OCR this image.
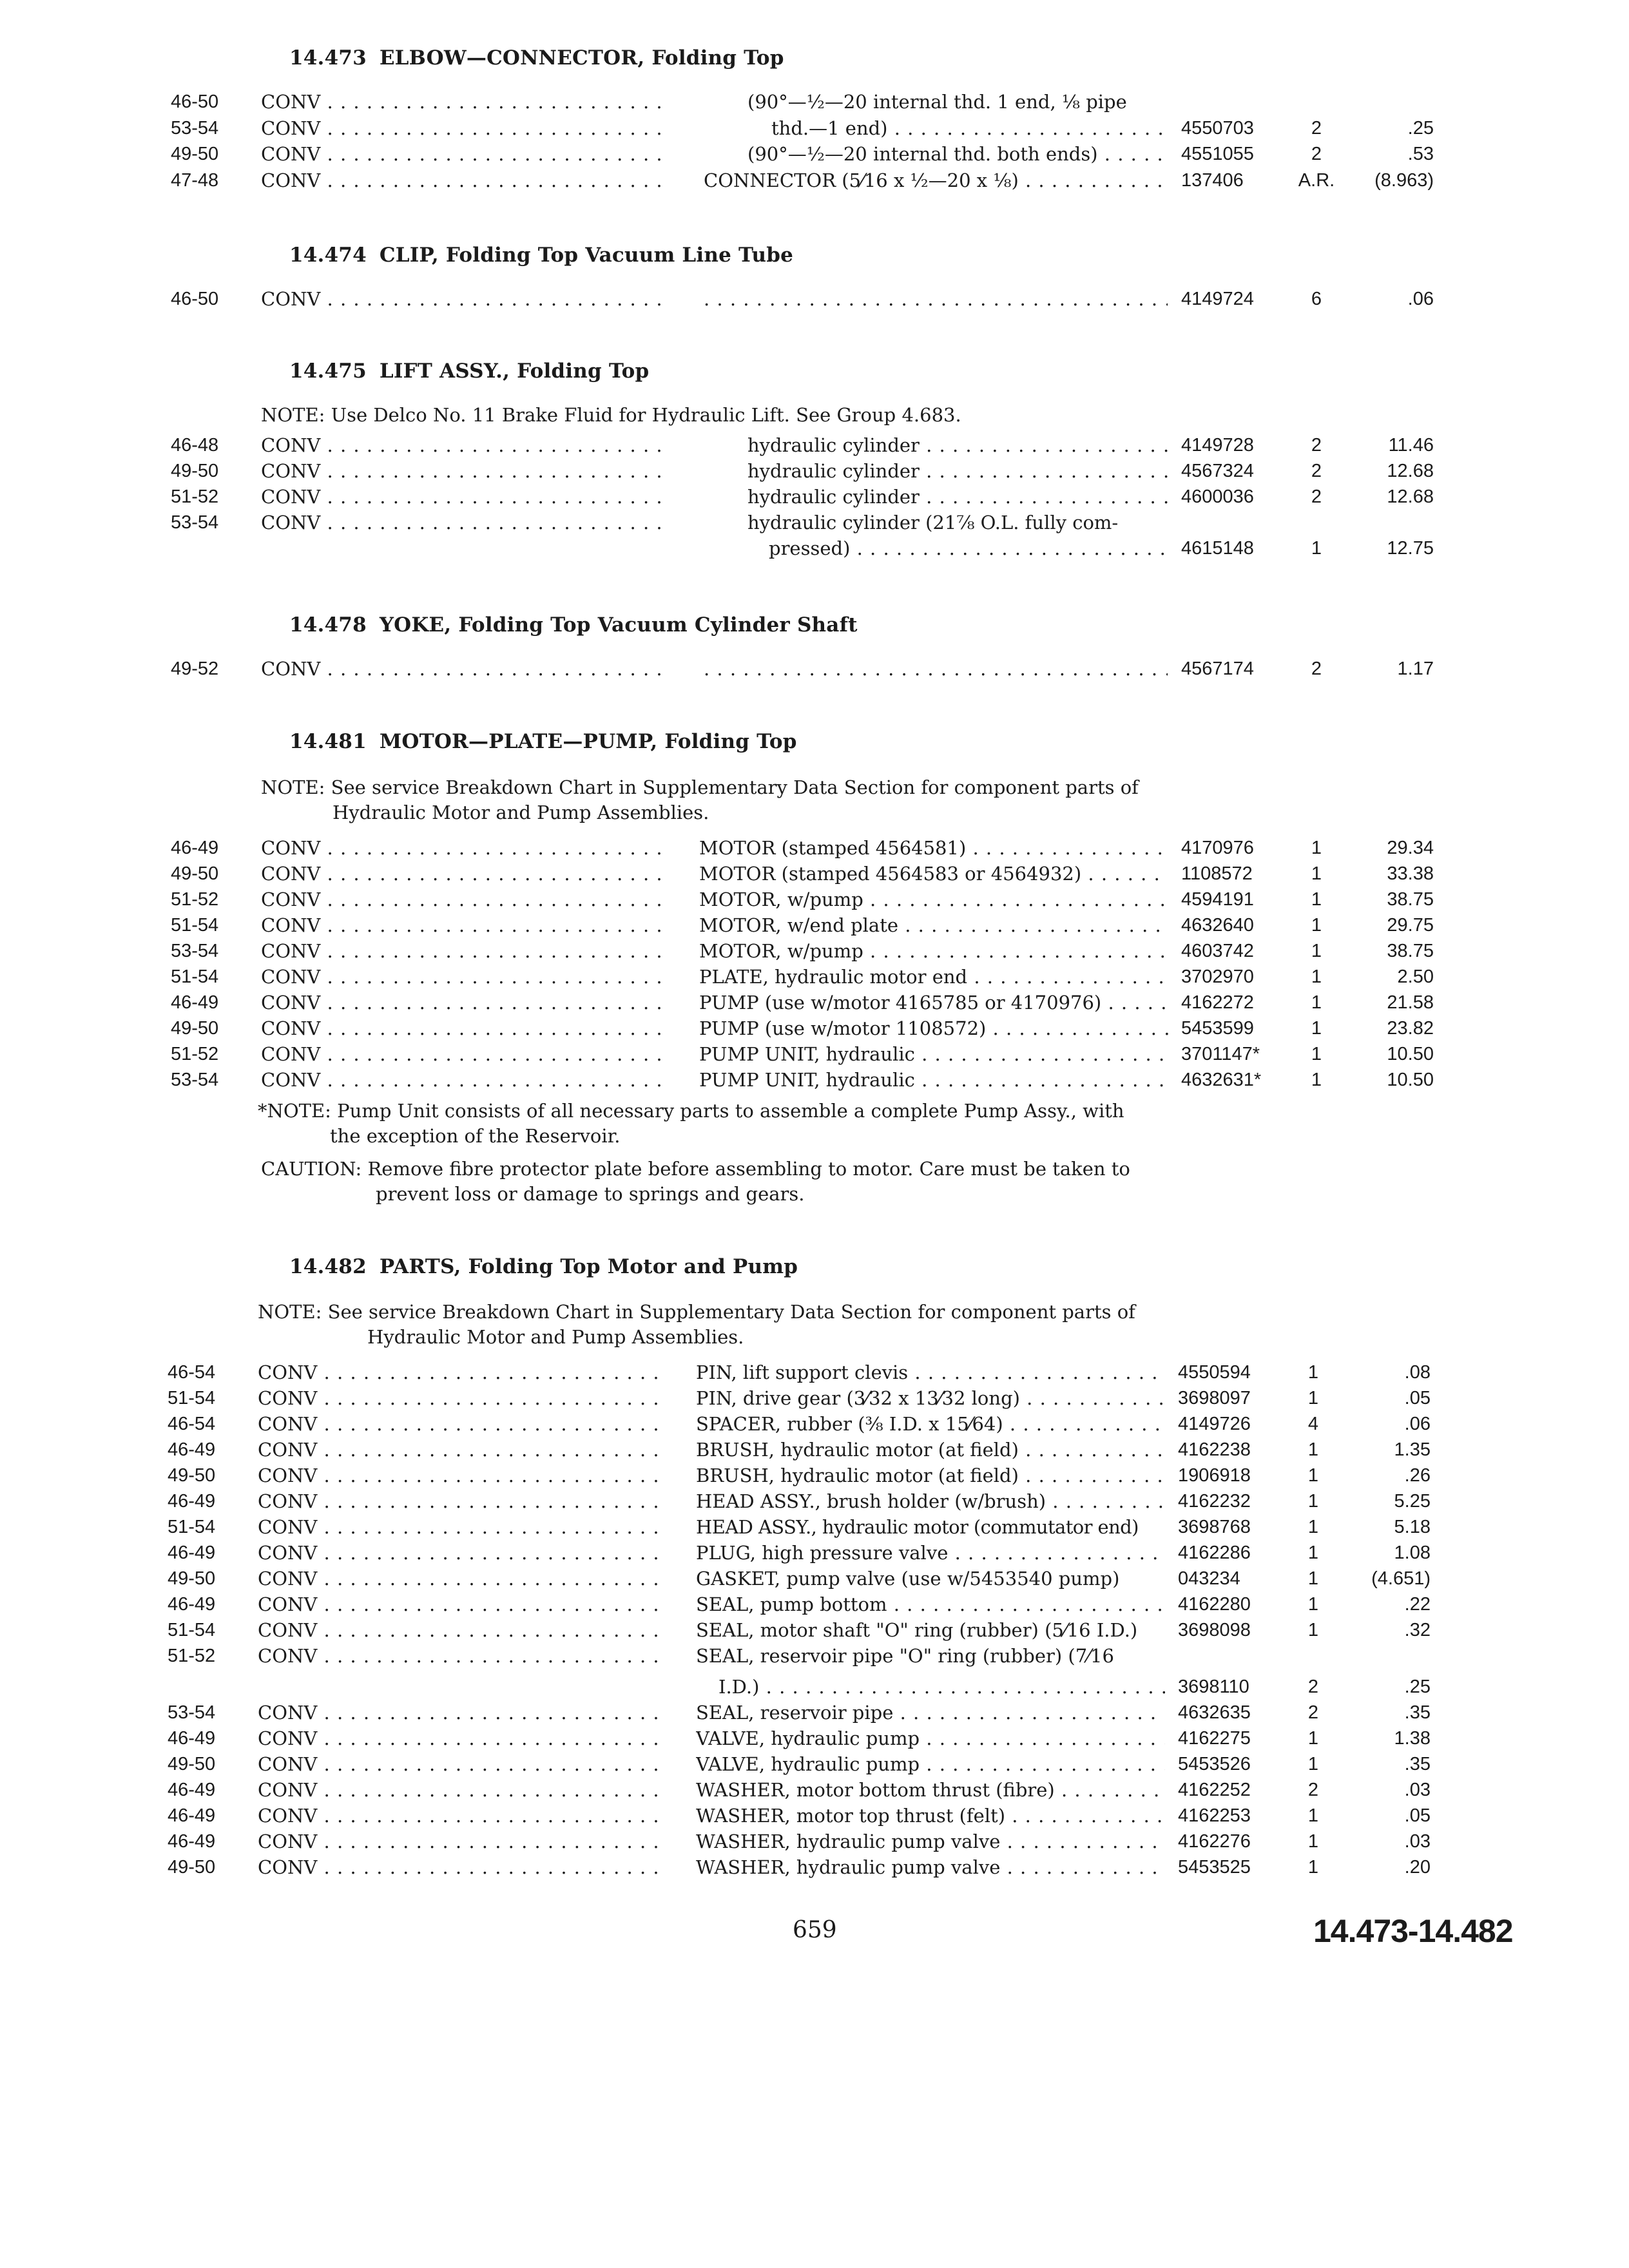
14.473 ELBOW—CONNECTOR, Folding Top
46-50 CONV . . .	(90°—½—20 internal thd. 1 end, ⅛ pipe
53-54 CONV . . .	thd.—1 end) . . .	4550703	2	.25
49-50 CONV . . .	(90°—½—20 internal thd. both ends) . . .	4551055	2	.53
47-48 CONV . . .	CONNECTOR (5⁄16 x ½—20 x ⅛) . . .	137406	A.R.	(8.963)
14.474 CLIP, Folding Top Vacuum Line Tube
46-50 CONV . . . . . .	4149724	6	.06
14.475 LIFT ASSY., Folding Top
NOTE: Use Delco No. 11 Brake Fluid for Hydraulic Lift. See Group 4.683.
46-48 CONV . . .	hydraulic cylinder . . .	4149728	2	11.46
49-50 CONV . . .	hydraulic cylinder . . .	4567324	2	12.68
51-52 CONV . . .	hydraulic cylinder . . .	4600036	2	12.68
53-54 CONV . . .	hydraulic cylinder (21⅞ O.L. fully com-
pressed) . . .	4615148	1	12.75
14.478 YOKE, Folding Top Vacuum Cylinder Shaft
49-52 CONV . . . . . .	4567174	2	1.17
14.481 MOTOR—PLATE—PUMP, Folding Top
NOTE: See service Breakdown Chart in Supplementary Data Section for component parts of
Hydraulic Motor and Pump Assemblies.
46-49 CONV . . .	MOTOR (stamped 4564581) . . .	4170976	1	29.34
49-50 CONV . . .	MOTOR (stamped 4564583 or 4564932) . . .	1108572	1	33.38
51-52 CONV . . .	MOTOR, w/pump . . .	4594191	1	38.75
51-54 CONV . . .	MOTOR, w/end plate . . .	4632640	1	29.75
53-54 CONV . . .	MOTOR, w/pump . . .	4603742	1	38.75
51-54 CONV . . .	PLATE, hydraulic motor end . . .	3702970	1	2.50
46-49 CONV . . .	PUMP (use w/motor 4165785 or 4170976) . . .	4162272	1	21.58
49-50 CONV . . .	PUMP (use w/motor 1108572) . . .	5453599	1	23.82
51-52 CONV . . .	PUMP UNIT, hydraulic . . .	3701147*	1	10.50
53-54 CONV . . .	PUMP UNIT, hydraulic . . .	4632631*	1	10.50
*NOTE: Pump Unit consists of all necessary parts to assemble a complete Pump Assy., with
the exception of the Reservoir.
CAUTION: Remove fibre protector plate before assembling to motor. Care must be taken to
prevent loss or damage to springs and gears.
14.482 PARTS, Folding Top Motor and Pump
NOTE: See service Breakdown Chart in Supplementary Data Section for component parts of
Hydraulic Motor and Pump Assemblies.
46-54 CONV . . .	PIN, lift support clevis . . .	4550594	1	.08
51-54 CONV . . .	PIN, drive gear (3⁄32 x 13⁄32 long) . . .	3698097	1	.05
46-54 CONV . . .	SPACER, rubber (⅜ I.D. x 15⁄64) . . .	4149726	4	.06
46-49 CONV . . .	BRUSH, hydraulic motor (at field) . . .	4162238	1	1.35
49-50 CONV . . .	BRUSH, hydraulic motor (at field) . . .	1906918	1	.26
46-49 CONV . . .	HEAD ASSY., brush holder (w/brush) . . .	4162232	1	5.25
51-54 CONV . . .	HEAD ASSY., hydraulic motor (commutator end)	3698768	1	5.18
46-49 CONV . . .	PLUG, high pressure valve . . .	4162286	1	1.08
49-50 CONV . . .	GASKET, pump valve (use w/5453540 pump)	043234	1	(4.651)
46-49 CONV . . .	SEAL, pump bottom . . .	4162280	1	.22
51-54 CONV . . .	SEAL, motor shaft "O" ring (rubber) (5⁄16 I.D.)	3698098	1	.32
51-52 CONV . . .	SEAL, reservoir pipe "O" ring (rubber) (7⁄16
I.D.) . . .	3698110	2	.25
53-54 CONV . . .	SEAL, reservoir pipe . . .	4632635	2	.35
46-49 CONV . . .	VALVE, hydraulic pump . . .	4162275	1	1.38
49-50 CONV . . .	VALVE, hydraulic pump . . .	5453526	1	.35
46-49 CONV . . .	WASHER, motor bottom thrust (fibre) . . .	4162252	2	.03
46-49 CONV . . .	WASHER, motor top thrust (felt) . . .	4162253	1	.05
46-49 CONV . . .	WASHER, hydraulic pump valve . . .	4162276	1	.03
49-50 CONV . . .	WASHER, hydraulic pump valve . . .	5453525	1	.20
659	14.473-14.482
